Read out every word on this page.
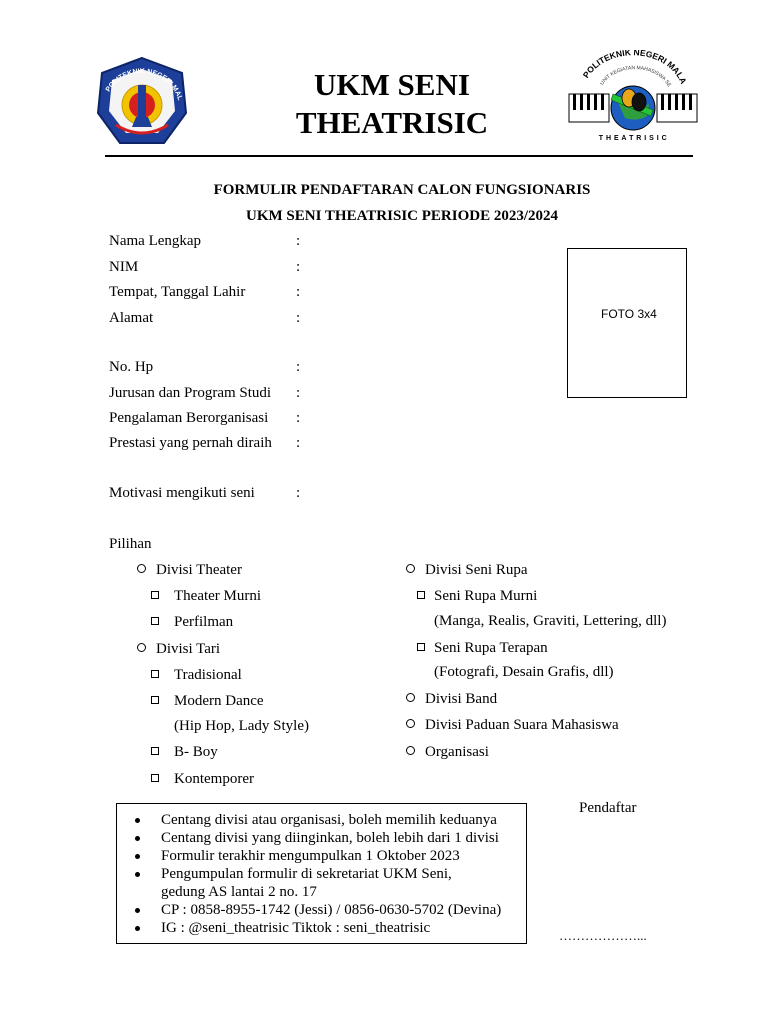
POLITEKNIK NEGERI MAL	UKM SENI
THEATRISIC
POLITEKNIK NEGERI MALA
UNIT KEGIATAN MAHASISWA SE
T H E A T R I S I C
FORMULIR PENDAFTARAN CALON FUNGSIONARIS
UKM SENI THEATRISIC PERIODE 2023/2024
Nama Lengkap	:
NIM	:
Tempat, Tanggal Lahir	:
Alamat	:
No. Hp	:
Jurusan dan Program Studi :
Pengalaman Berorganisasi :
Prestasi yang pernah diraih :
Motivasi mengikuti seni	:
FOTO 3x4
Pilihan
Divisi Theater
Theater Murni
Perfilman
Divisi Tari
Tradisional
Modern Dance
(Hip Hop, Lady Style)
B- Boy
Kontemporer
Divisi Seni Rupa
Seni Rupa Murni
(Manga, Realis, Graviti, Lettering, dll)
Seni Rupa Terapan
(Fotografi, Desain Grafis, dll)
Divisi Band
Divisi Paduan Suara Mahasiswa
Organisasi
Centang divisi atau organisasi, boleh memilih keduanya
Centang divisi yang diinginkan, boleh lebih dari 1 divisi
Formulir terakhir mengumpulkan 1 Oktober 2023
Pengumpulan formulir di sekretariat UKM Seni,
gedung AS lantai 2 no. 17
CP : 0858-8955-1742 (Jessi) / 0856-0630-5702 (Devina)
IG : @seni_theatrisic Tiktok : seni_theatrisic
Pendaftar
………………...
